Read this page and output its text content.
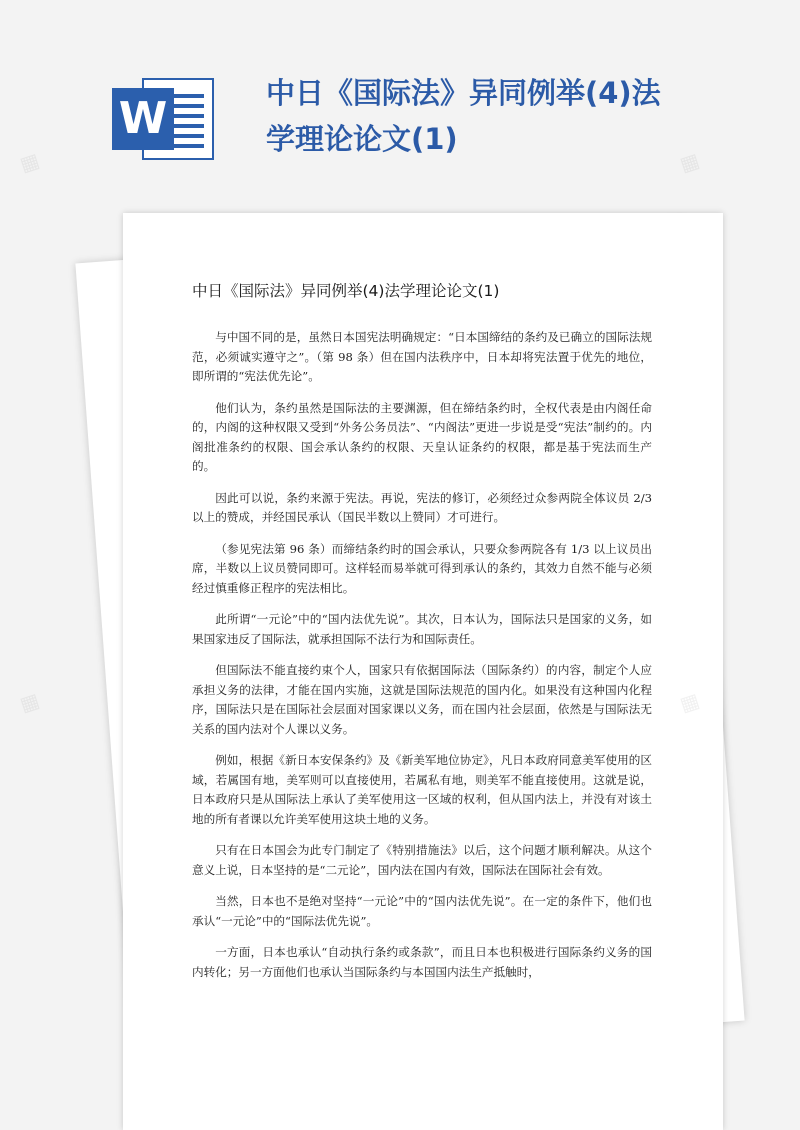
W	中日《国际法》异同例举(4)法学理论论文(1)
中日《国际法》异同例举(4)法学理论论文(1)

与中国不同的是，虽然日本国宪法明确规定：“日本国缔结的条约及已确立的国际法规范，必须诚实遵守之”。（第 98 条）但在国内法秩序中，日本却将宪法置于优先的地位，即所谓的“宪法优先论”。

他们认为，条约虽然是国际法的主要渊源，但在缔结条约时，全权代表是由内阁任命的，内阁的这种权限又受到“外务公务员法”、“内阁法”更进一步说是受“宪法”制约的。内阁批准条约的权限、国会承认条约的权限、天皇认证条约的权限，都是基于宪法而生产的。

因此可以说，条约来源于宪法。再说，宪法的修订，必须经过众参两院全体议员 2/3 以上的赞成，并经国民承认（国民半数以上赞同）才可进行。

（参见宪法第 96 条）而缔结条约时的国会承认，只要众参两院各有 1/3 以上议员出席，半数以上议员赞同即可。这样轻而易举就可得到承认的条约，其效力自然不能与必须经过慎重修正程序的宪法相比。

此所谓“一元论”中的“国内法优先说”。其次，日本认为，国际法只是国家的义务，如果国家违反了国际法，就承担国际不法行为和国际责任。

但国际法不能直接约束个人，国家只有依据国际法（国际条约）的内容，制定个人应承担义务的法律，才能在国内实施，这就是国际法规范的国内化。如果没有这种国内化程序，国际法只是在国际社会层面对国家课以义务，而在国内社会层面，依然是与国际法无关系的国内法对个人课以义务。

例如，根据《新日本安保条约》及《新美军地位协定》，凡日本政府同意美军使用的区域，若属国有地，美军则可以直接使用，若属私有地，则美军不能直接使用。这就是说，日本政府只是从国际法上承认了美军使用这一区域的权利，但从国内法上，并没有对该土地的所有者课以允许美军使用这块土地的义务。

只有在日本国会为此专门制定了《特别措施法》以后，这个问题才顺利解决。从这个意义上说，日本坚持的是“二元论”，国内法在国内有效，国际法在国际社会有效。

当然，日本也不是绝对坚持“一元论”中的“国内法优先说”。在一定的条件下，他们也承认“一元论”中的“国际法优先说”。

一方面，日本也承认“自动执行条约或条款”，而且日本也积极进行国际条约义务的国内转化；另一方面他们也承认当国际条约与本国国内法生产抵触时，

▦	▦
▦
